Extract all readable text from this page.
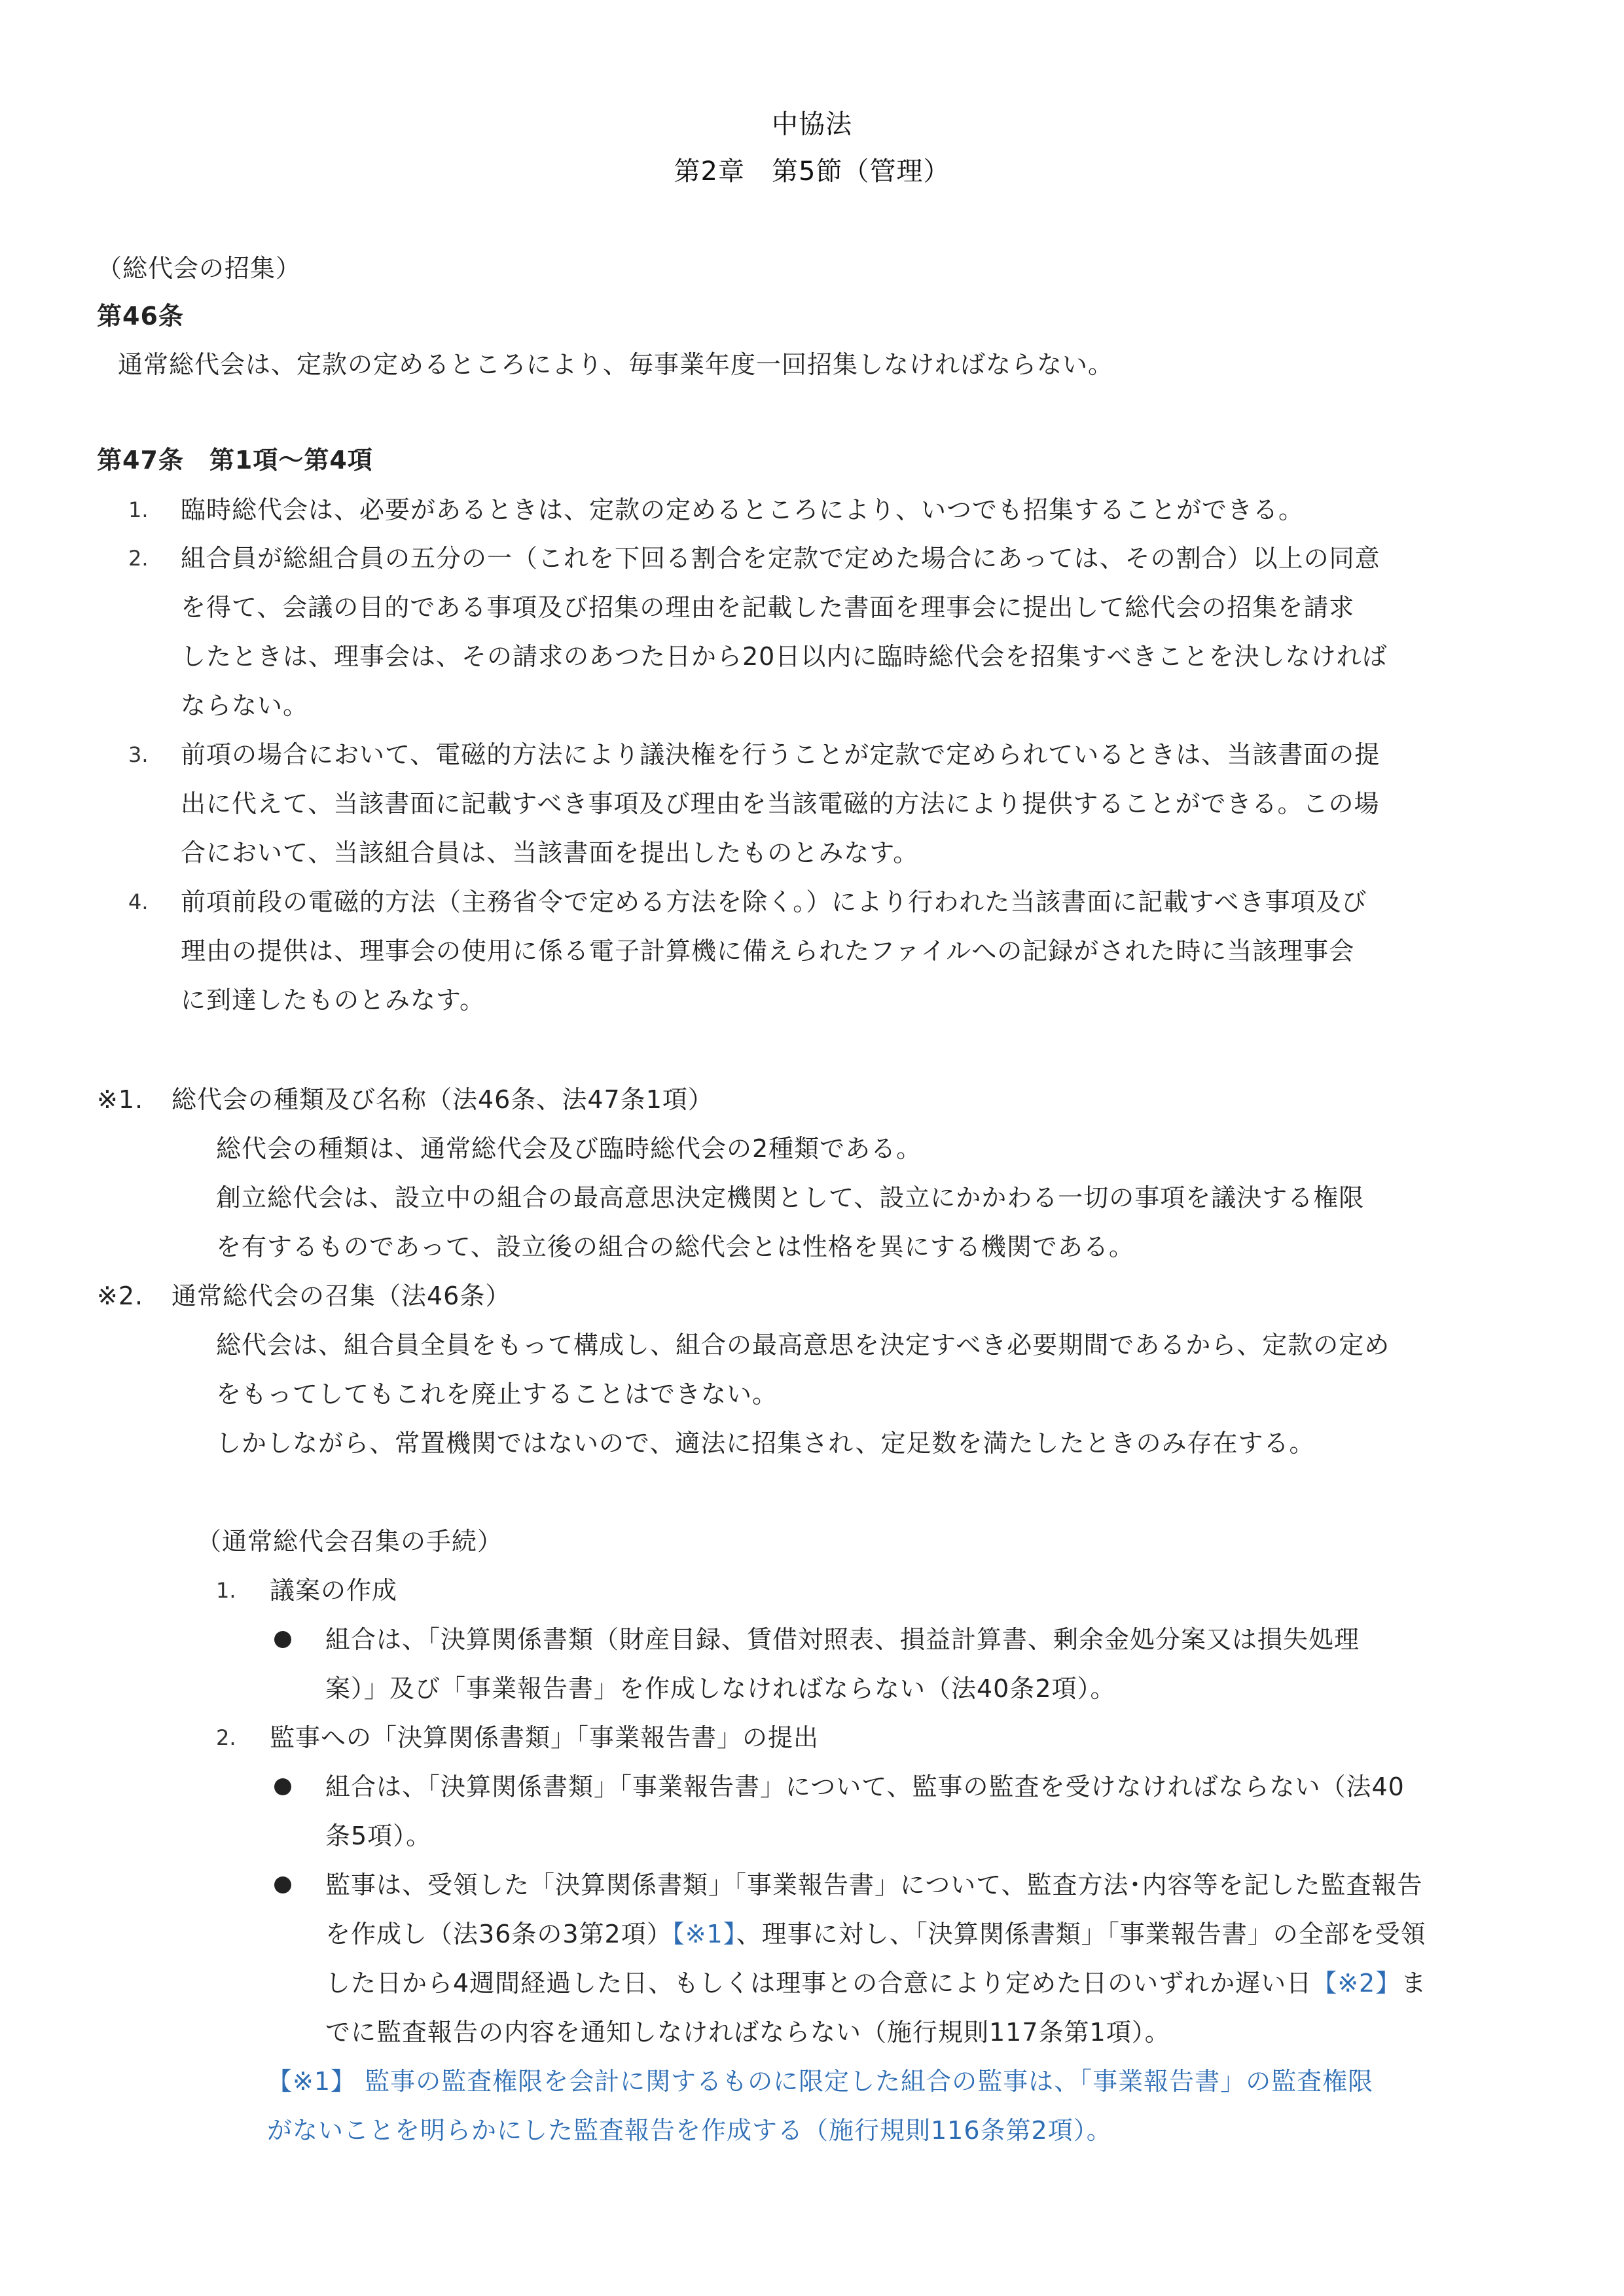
中協法
第2章　第5節（管理）
（総代会の招集）
第46条
通常総代会は、定款の定めるところにより、毎事業年度一回招集しなければならない。
第47条　第1項～第4項
1. 臨時総代会は、必要があるときは、定款の定めるところにより、いつでも招集することができる。
2. 組合員が総組合員の五分の一（これを下回る割合を定款で定めた場合にあっては、その割合）以上の同意
を得て、会議の目的である事項及び招集の理由を記載した書面を理事会に提出して総代会の招集を請求
したときは、理事会は、その請求のあつた日から20日以内に臨時総代会を招集すべきことを決しなければ
ならない。
3. 前項の場合において、電磁的方法により議決権を行うことが定款で定められているときは、当該書面の提
出に代えて、当該書面に記載すべき事項及び理由を当該電磁的方法により提供することができる。この場
合において、当該組合員は、当該書面を提出したものとみなす。
4. 前項前段の電磁的方法（主務省令で定める方法を除く。）により行われた当該書面に記載すべき事項及び
理由の提供は、理事会の使用に係る電子計算機に備えられたファイルへの記録がされた時に当該理事会
に到達したものとみなす。
※1. 総代会の種類及び名称（法46条、法47条1項）
総代会の種類は、通常総代会及び臨時総代会の2種類である。
創立総代会は、設立中の組合の最高意思決定機関として、設立にかかわる一切の事項を議決する権限
を有するものであって、設立後の組合の総代会とは性格を異にする機関である。
※2. 通常総代会の召集（法46条）
総代会は、組合員全員をもって構成し、組合の最高意思を決定すべき必要期間であるから、定款の定め
をもってしてもこれを廃止することはできない。
しかしながら、常置機関ではないので、適法に招集され、定足数を満たしたときのみ存在する。
（通常総代会召集の手続）
1. 議案の作成
組合は、「決算関係書類（財産目録、賃借対照表、損益計算書、剰余金処分案又は損失処理
案）」及び「事業報告書」を作成しなければならない（法40条2項）。
2. 監事への「決算関係書類」「事業報告書」の提出
組合は、「決算関係書類」「事業報告書」について、監事の監査を受けなければならない（法40
条5項）。
監事は、受領した「決算関係書類」「事業報告書」について、監査方法･内容等を記した監査報告
を作成し（法36条の3第2項）【※1】、理事に対し、「決算関係書類」「事業報告書」の全部を受領
した日から4週間経過した日、もしくは理事との合意により定めた日のいずれか遅い日【※2】ま
でに監査報告の内容を通知しなければならない（施行規則117条第1項）。
【※1】 監事の監査権限を会計に関するものに限定した組合の監事は、「事業報告書」の監査権限
がないことを明らかにした監査報告を作成する（施行規則116条第2項）。
